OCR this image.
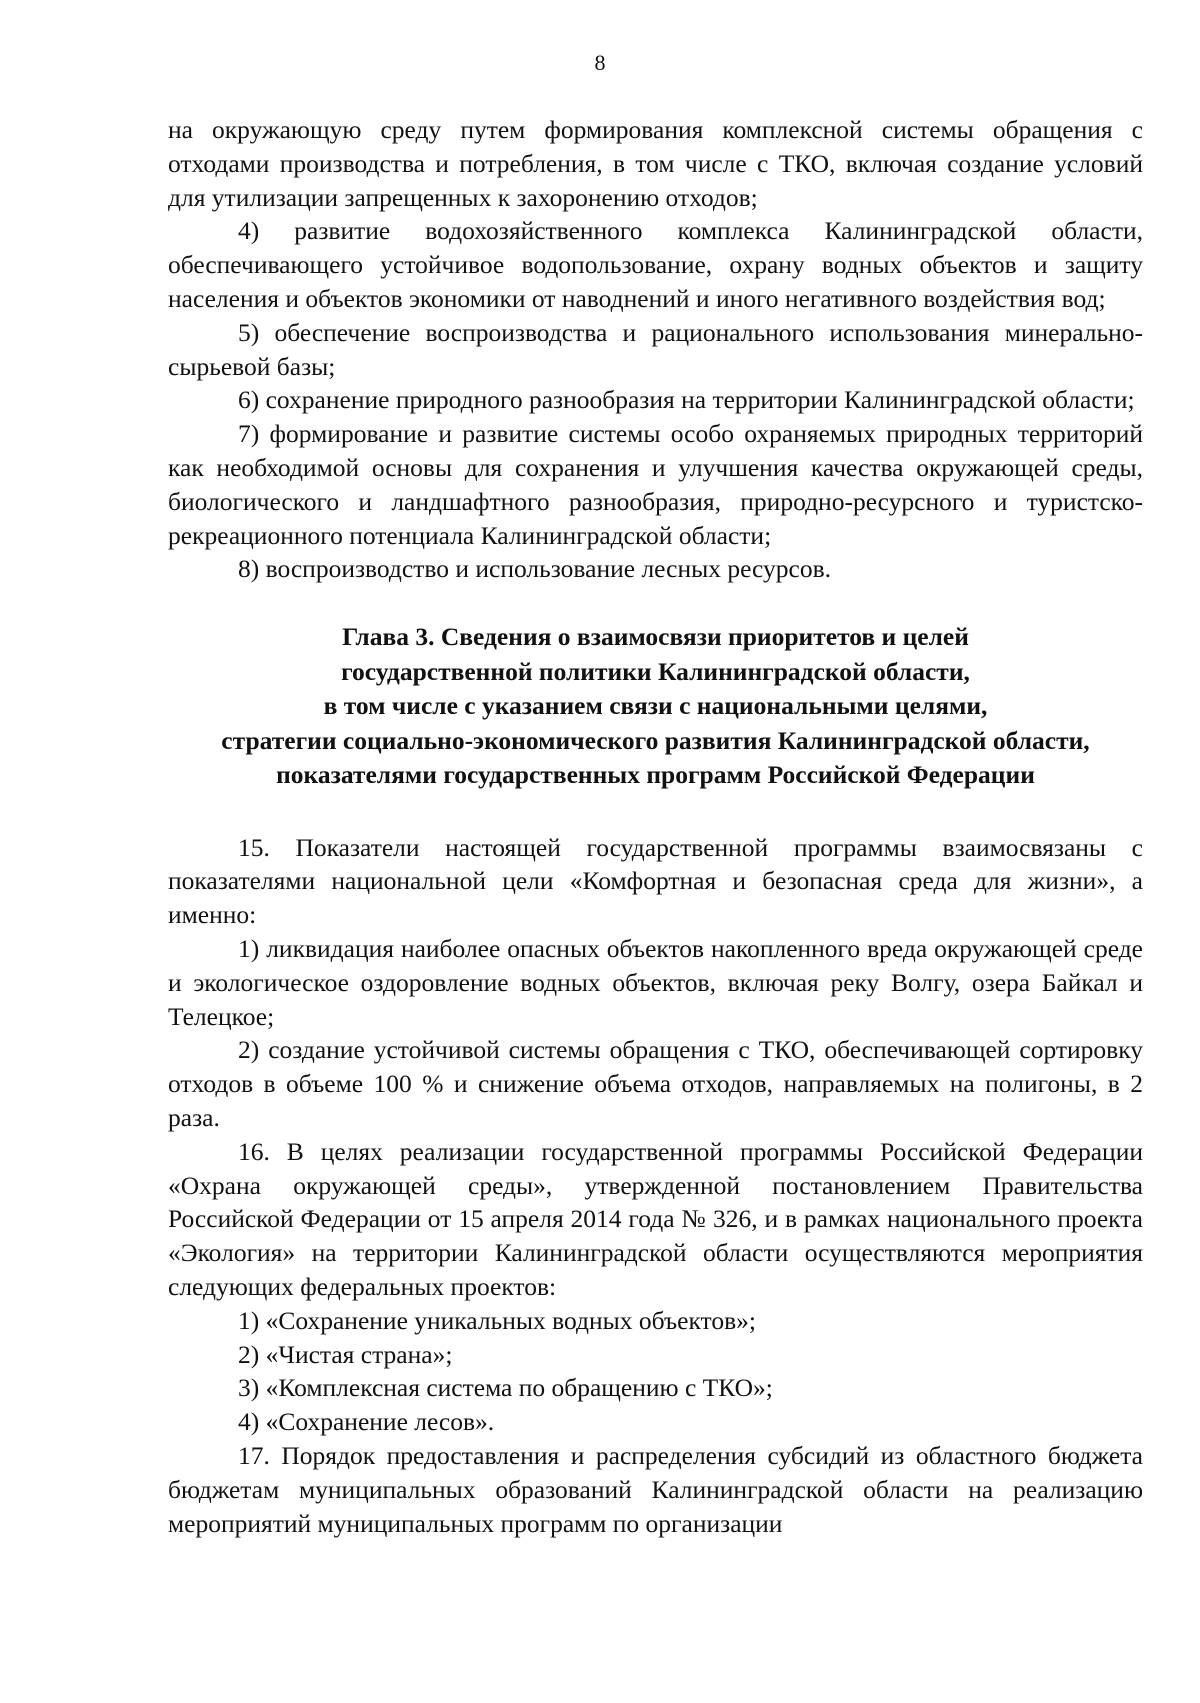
8

на окружающую среду путем формирования комплексной системы обращения с отходами производства и потребления, в том числе с ТКО, включая создание условий для утилизации запрещенных к захоронению отходов;

4) развитие водохозяйственного комплекса Калининградской области, обеспечивающего устойчивое водопользование, охрану водных объектов и защиту населения и объектов экономики от наводнений и иного негативного воздействия вод;

5) обеспечение воспроизводства и рационального использования минерально-сырьевой базы;

6) сохранение природного разнообразия на территории Калининградской области;

7) формирование и развитие системы особо охраняемых природных территорий как необходимой основы для сохранения и улучшения качества окружающей среды, биологического и ландшафтного разнообразия, природно-ресурсного и туристско-рекреационного потенциала Калининградской области;

8) воспроизводство и использование лесных ресурсов.

Глава 3. Сведения о взаимосвязи приоритетов и целей
государственной политики Калининградской области,
в том числе с указанием связи с национальными целями,
стратегии социально-экономического развития Калининградской области,
показателями государственных программ Российской Федерации

15. Показатели настоящей государственной программы взаимосвязаны с показателями национальной цели «Комфортная и безопасная среда для жизни», а именно:

1) ликвидация наиболее опасных объектов накопленного вреда окружающей среде и экологическое оздоровление водных объектов, включая реку Волгу, озера Байкал и Телецкое;

2) создание устойчивой системы обращения с ТКО, обеспечивающей сортировку отходов в объеме 100 % и снижение объема отходов, направляемых на полигоны, в 2 раза.

16. В целях реализации государственной программы Российской Федерации «Охрана окружающей среды», утвержденной постановлением Правительства Российской Федерации от 15 апреля 2014 года № 326, и в рамках национального проекта «Экология» на территории Калининградской области осуществляются мероприятия следующих федеральных проектов:

1) «Сохранение уникальных водных объектов»;

2) «Чистая страна»;

3) «Комплексная система по обращению с ТКО»;

4) «Сохранение лесов».

17. Порядок предоставления и распределения субсидий из областного бюджета бюджетам муниципальных образований Калининградской области на реализацию мероприятий муниципальных программ по организации
